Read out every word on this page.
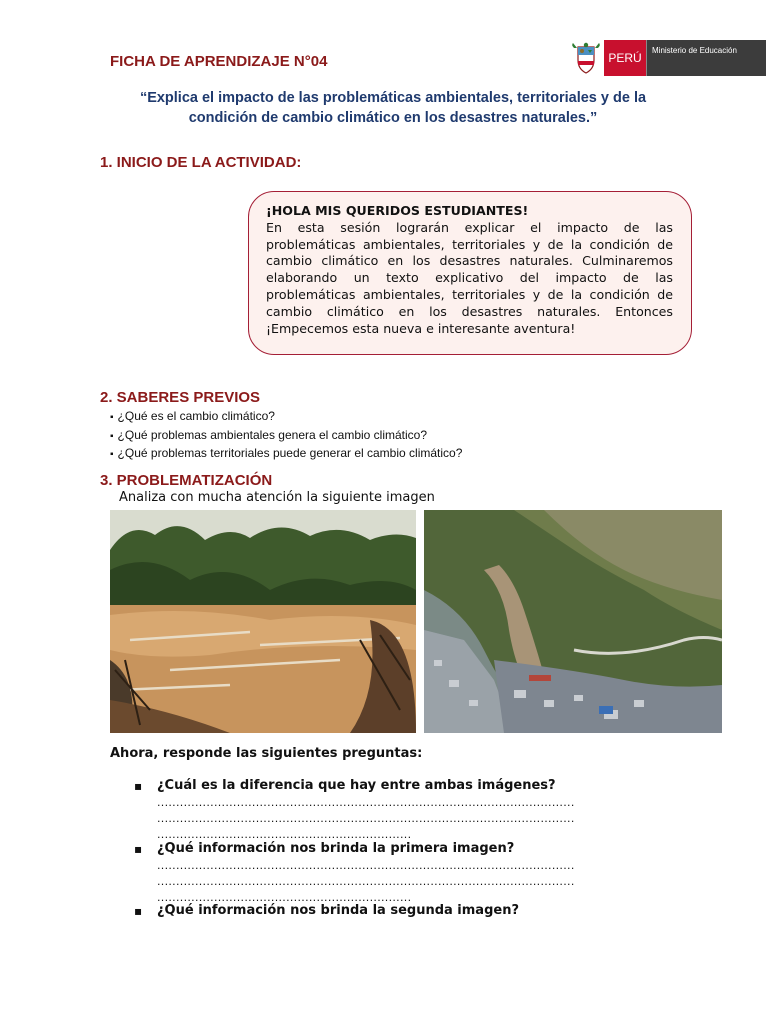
FICHA DE APRENDIZAJE N°04	PERÚ
Ministerio de Educación
“Explica el impacto de las problemáticas ambientales, territoriales y de la condición de cambio climático en los desastres naturales.”
1. INICIO DE LA ACTIVIDAD:
¡HOLA MIS QUERIDOS ESTUDIANTES!
En esta sesión lograrán explicar el impacto de las problemáticas ambientales, territoriales y de la condición de cambio climático en los desastres naturales. Culminaremos elaborando un texto explicativo del impacto de las problemáticas ambientales, territoriales y de la condición de cambio climático en los desastres naturales. Entonces ¡Empecemos esta nueva e interesante aventura!
2. SABERES PREVIOS
▪ ¿Qué es el cambio climático?
▪ ¿Qué problemas ambientales genera el cambio climático?
▪ ¿Qué problemas territoriales puede generar el cambio climático?
3. PROBLEMATIZACIÓN
Analiza con mucha atención la siguiente imagen
Ahora, responde las siguientes preguntas:
▪ ¿Cuál es la diferencia que hay entre ambas imágenes?
..............................................................................................................
..............................................................................................................
...................................................................
▪ ¿Qué información nos brinda la primera imagen?
..............................................................................................................
..............................................................................................................
...................................................................
▪ ¿Qué información nos brinda la segunda imagen?
